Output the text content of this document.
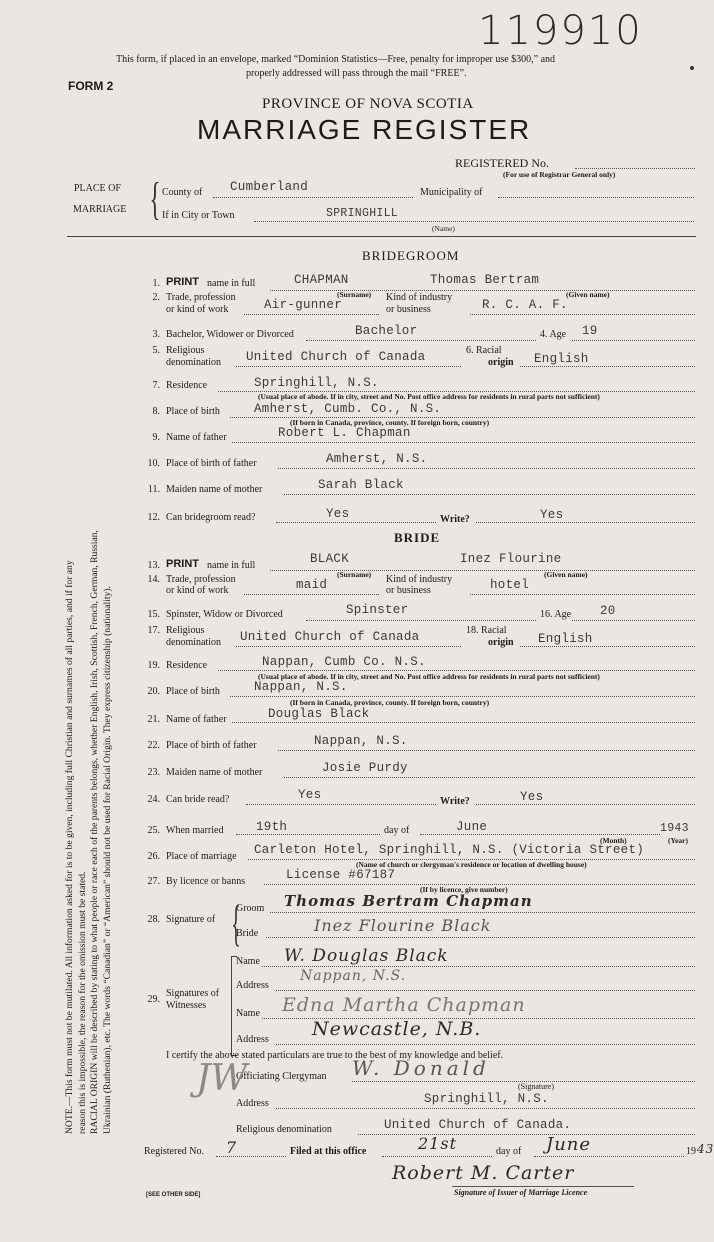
119910
This form, if placed in an envelope, marked “Dominion Statistics—Free, penalty for improper use $300,” and
properly addressed will pass through the mail “FREE”.
FORM 2
PROVINCE OF NOVA SCOTIA
MARRIAGE REGISTER
REGISTERED No.
(For use of Registrar General only)
PLACE OF
MARRIAGE { County of Cumberland	Municipality of
If in City or Town	SPRINGHILL
(Name)
NOTE.—This form must not be mutilated. All information asked for is to be given, including full Christian and surnames of all parties, and if for any reason this is impossible, the reason for the omission must be stated. RACIAL ORIGIN will be described by stating to what people or race each of the parents belongs, whether English, Irish, Scottish, French, German, Russian, Ukrainian (Ruthenian), etc. The words “Canadian” or “American” should not be used for Racial Origin. They express citizenship (nationality).
BRIDEGROOM
1. PRINT name in full	CHAPMAN	Thomas Bertram
(Surname)	(Given name)
2. Trade, profession
or kind of work	Air-gunner
Kind of industry
or business	R. C. A. F.
3. Bachelor, Widower or Divorced	Bachelor	4. Age 19
5. Religious
denomination United Church of Canada	6. Racial
origin English
7. Residence	Springhill, N.S.
(Usual place of abode. If in city, street and No. Post office address for residents in rural parts not sufficient)
8. Place of birth	Amherst, Cumb. Co., N.S.
(If born in Canada, province, county. If foreign born, country)
9. Name of father	Robert L. Chapman
10. Place of birth of father	Amherst, N.S.
11. Maiden name of mother	Sarah Black
12. Can bridegroom read?	Yes	Write?	Yes
BRIDE
13. PRINT name in full	BLACK	Inez Flourine
(Surname)	(Given name)
14. Trade, profession
or kind of work	maid	Kind of industry
or business	hotel
15. Spinster, Widow or Divorced	Spinster	16. Age 20
17. Religious
denomination United Church of Canada	18. Racial
origin English
19. Residence	Nappan, Cumb Co. N.S.
(Usual place of abode. If in city, street and No. Post office address for residents in rural parts not sufficient)
20. Place of birth	Nappan, N.S.
(If born in Canada, province, county. If foreign born, country)
21. Name of father	Douglas Black
22. Place of birth of father	Nappan, N.S.
23. Maiden name of mother	Josie Purdy
24. Can bride read?	Yes	Write?	Yes
25. When married	19th	day of	June	1943
(Month)	(Year)
26. Place of marriage Carleton Hotel, Springhill, N.S. (Victoria Street)
(Name of church or clergyman's residence or location of dwelling house)
27. By licence or banns	License #67187
(If by licence, give number)
28. Signature of {
Groom Thomas Bertram Chapman
Bride	Inez Flourine Black
29.
Signatures of
Witnesses
Name W. Douglas Black
Address
Nappan, N.S.
Name Edna Martha Chapman
Address Newcastle, N.B.
I certify the above stated particulars are true to the best of my knowledge and belief.
Officiating Clergyman W. Donald
(Signature)
Address	Springhill, N.S.
Religious denomination	United Church of Canada.
JW
Registered No. 7	Filed at this office	21st	day of June	19 43
Robert M. Carter
Signature of Issuer of Marriage Licence
[SEE OTHER SIDE]
